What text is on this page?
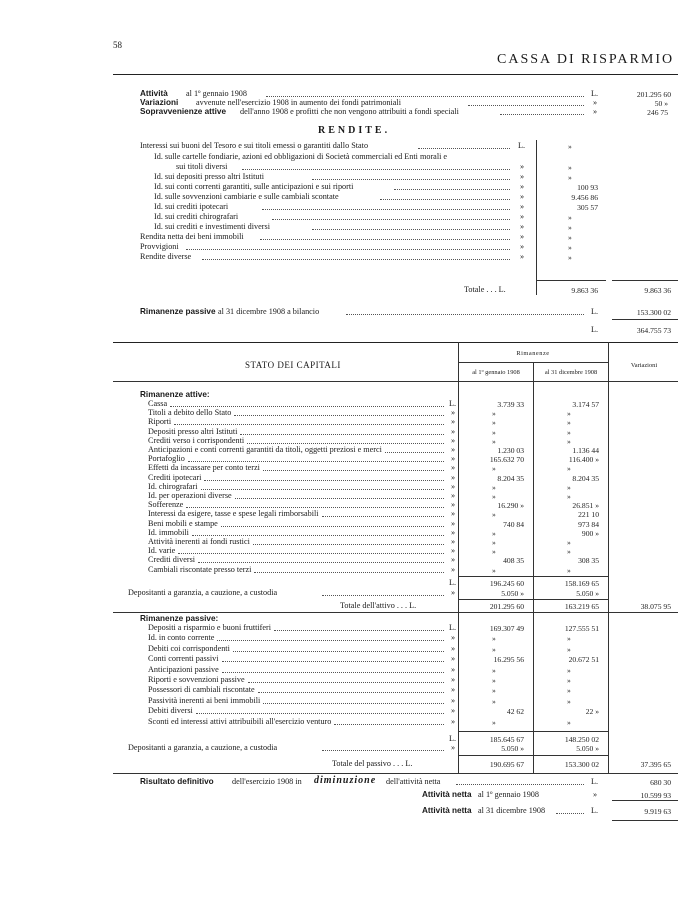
58
CASSA DI RISPARMIO
Attività al 1º gennaio 1908	L.	201.295 60
Variazioni avvenute nell'esercizio 1908 in aumento dei fondi patrimoniali	»	50 »
Sopravvenienze attive dell'anno 1908 e profitti che non vengono attribuiti a fondi speciali	»	246 75
RENDITE.
Interessi sui buoni del Tesoro e sui titoli emessi o garantiti dallo Stato	L.	»
Id. sulle cartelle fondiarie, azioni ed obbligazioni di Società commerciali ed Enti morali e
sui titoli diversi	»	»
Id. sui depositi presso altri Istituti	»	»
Id. sui conti correnti garantiti, sulle anticipazioni e sui riporti	»	100 93
Id. sulle sovvenzioni cambiarie e sulle cambiali scontate	»	9.456 86
Id. sui crediti ipotecari	»	305 57
Id. sui crediti chirografari	»	»
Id. sui crediti e investimenti diversi	»	»
Rendita netta dei beni immobili	»	»
Provvigioni	»	»
Rendite diverse	»	»
Totale . . . L.	9.863 36	9.863 36
Rimanenze passive al 31 dicembre 1908 a bilancio	L.	153.300 02
L.	364.755 73
STATO DEI CAPITALI
Rimanenze
al 1º gennaio 1908	al 31 dicembre 1908
Variazioni
Rimanenze attive:
Cassa	L.	3.739 33	3.174 57
Titoli a debito dello Stato	»	»	»
Riporti	»	»	»
Depositi presso altri Istituti	»	»	»
Crediti verso i corrispondenti	»	»	»
Anticipazioni e conti correnti garantiti da titoli, oggetti preziosi e merci	»	1.230 03	1.136 44
Portafoglio	»	165.632 70	116.400 »
Effetti da incassare per conto terzi	»	»	»
Crediti ipotecari	»	8.204 35	8.204 35
Id. chirografari	»	»	»
Id. per operazioni diverse	»	»	»
Sofferenze	»	16.290 »	26.851 »
Interessi da esigere, tasse e spese legali rimborsabili	»	»	221 10
Beni mobili e stampe	»	740 84	973 84
Id. immobili	»	»	900 »
Attività inerenti ai fondi rustici	»	»	»
Id. varie	»	»	»
Crediti diversi	»	408 35	308 35
Cambiali riscontate presso terzi	»	»	»
L.	196.245 60	158.169 65
Depositanti a garanzia, a cauzione, a custodia	»	5.050 »	5.050 »
Totale dell'attivo . . . L.	201.295 60	163.219 65	38.075 95
Rimanenze passive:
Depositi a risparmio e buoni fruttiferi	L.	169.307 49	127.555 51
Id. in conto corrente	»	»	»
Debiti coi corrispondenti	»	»	»
Conti correnti passivi	»	16.295 56	20.672 51
Anticipazioni passive	»	»	»
Riporti e sovvenzioni passive	»	»	»
Possessori di cambiali riscontate	»	»	»
Passività inerenti ai beni immobili	»	»	»
Debiti diversi	»	42 62	22 »
Sconti ed interessi attivi attribuibili all'esercizio venturo	»	»	»
L.	185.645 67	148.250 02
Depositanti a garanzia, a cauzione, a custodia	»	5.050 »	5.050 »
Totale del passivo . . . L.	190.695 67	153.300 02	37.395 65
Risultato definitivo dell'esercizio 1908 in diminuzione dell'attività netta	L.	680 30
Attività netta al 1º gennaio 1908	»	10.599 93
Attività netta al 31 dicembre 1908	L.	9.919 63
